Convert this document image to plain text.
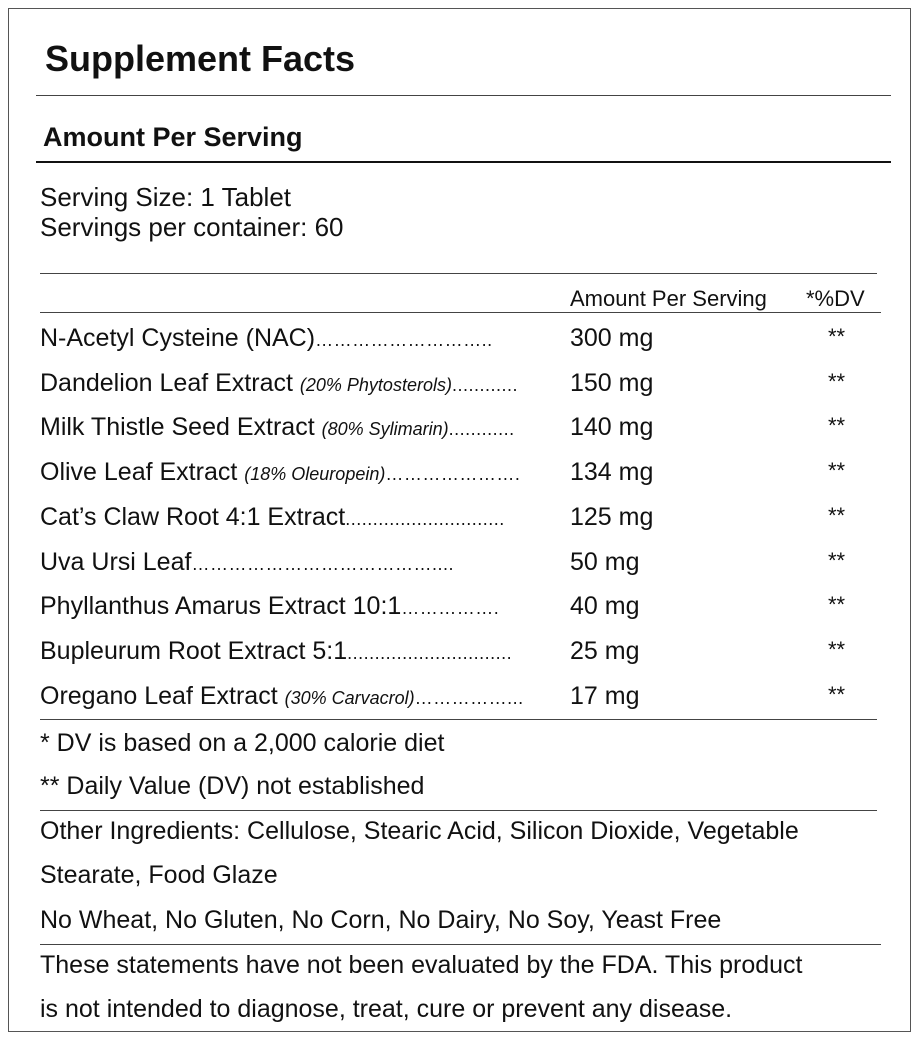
Supplement Facts
Amount Per Serving
Serving Size: 1 Tablet
Servings per container: 60
Amount Per Serving *%DV
N-Acetyl Cysteine (NAC)………………………..	300 mg	**
Dandelion Leaf Extract (20% Phytosterols)............ 150 mg	**
Milk Thistle Seed Extract (80% Sylimarin)............ 140 mg	**
Olive Leaf Extract (18% Oleuropein)…………………. 134 mg	**
Cat’s Claw Root 4:1 Extract.............................	125 mg	**
Uva Ursi Leaf…………………………………....	50 mg	**
Phyllanthus Amarus Extract 10:1…………….	40 mg	**
Bupleurum Root Extract 5:1.............................. 25 mg	**
Oregano Leaf Extract (30% Carvacrol)……………... 17 mg	**
* DV is based on a 2,000 calorie diet
** Daily Value (DV) not established
Other Ingredients: Cellulose, Stearic Acid, Silicon Dioxide, Vegetable
Stearate, Food Glaze
No Wheat, No Gluten, No Corn, No Dairy, No Soy, Yeast Free
These statements have not been evaluated by the FDA. This product
is not intended to diagnose, treat, cure or prevent any disease.
